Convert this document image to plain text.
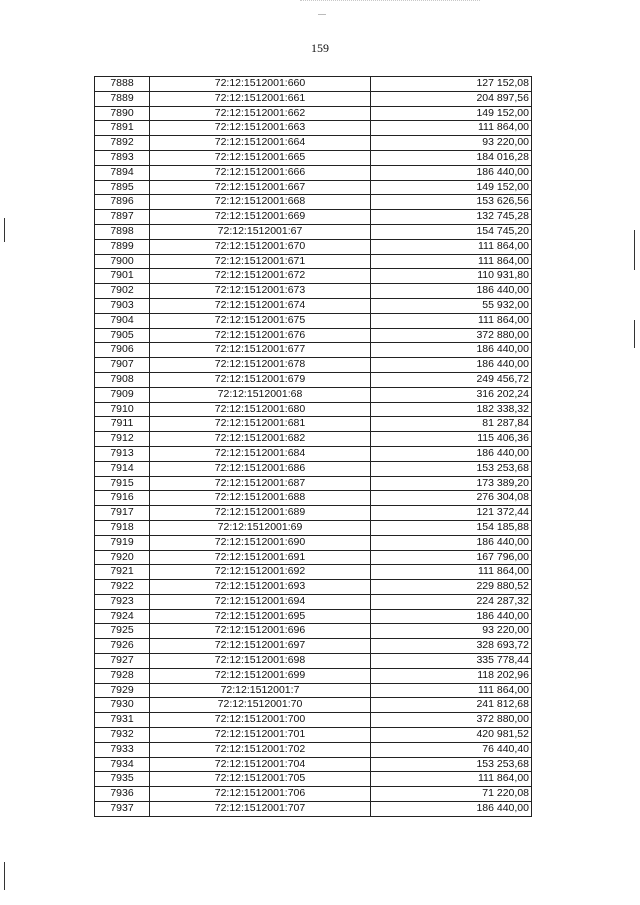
159
7888	72:12:1512001:660	127 152,08
7889	72:12:1512001:661	204 897,56
7890	72:12:1512001:662	149 152,00
7891	72:12:1512001:663	111 864,00
7892	72:12:1512001:664	93 220,00
7893	72:12:1512001:665	184 016,28
7894	72:12:1512001:666	186 440,00
7895	72:12:1512001:667	149 152,00
7896	72:12:1512001:668	153 626,56
7897	72:12:1512001:669	132 745,28
7898	72:12:1512001:67	154 745,20
7899	72:12:1512001:670	111 864,00
7900	72:12:1512001:671	111 864,00
7901	72:12:1512001:672	110 931,80
7902	72:12:1512001:673	186 440,00
7903	72:12:1512001:674	55 932,00
7904	72:12:1512001:675	111 864,00
7905	72:12:1512001:676	372 880,00
7906	72:12:1512001:677	186 440,00
7907	72:12:1512001:678	186 440,00
7908	72:12:1512001:679	249 456,72
7909	72:12:1512001:68	316 202,24
7910	72:12:1512001:680	182 338,32
7911	72:12:1512001:681	81 287,84
7912	72:12:1512001:682	115 406,36
7913	72:12:1512001:684	186 440,00
7914	72:12:1512001:686	153 253,68
7915	72:12:1512001:687	173 389,20
7916	72:12:1512001:688	276 304,08
7917	72:12:1512001:689	121 372,44
7918	72:12:1512001:69	154 185,88
7919	72:12:1512001:690	186 440,00
7920	72:12:1512001:691	167 796,00
7921	72:12:1512001:692	111 864,00
7922	72:12:1512001:693	229 880,52
7923	72:12:1512001:694	224 287,32
7924	72:12:1512001:695	186 440,00
7925	72:12:1512001:696	93 220,00
7926	72:12:1512001:697	328 693,72
7927	72:12:1512001:698	335 778,44
7928	72:12:1512001:699	118 202,96
7929	72:12:1512001:7	111 864,00
7930	72:12:1512001:70	241 812,68
7931	72:12:1512001:700	372 880,00
7932	72:12:1512001:701	420 981,52
7933	72:12:1512001:702	76 440,40
7934	72:12:1512001:704	153 253,68
7935	72:12:1512001:705	111 864,00
7936	72:12:1512001:706	71 220,08
7937	72:12:1512001:707	186 440,00
